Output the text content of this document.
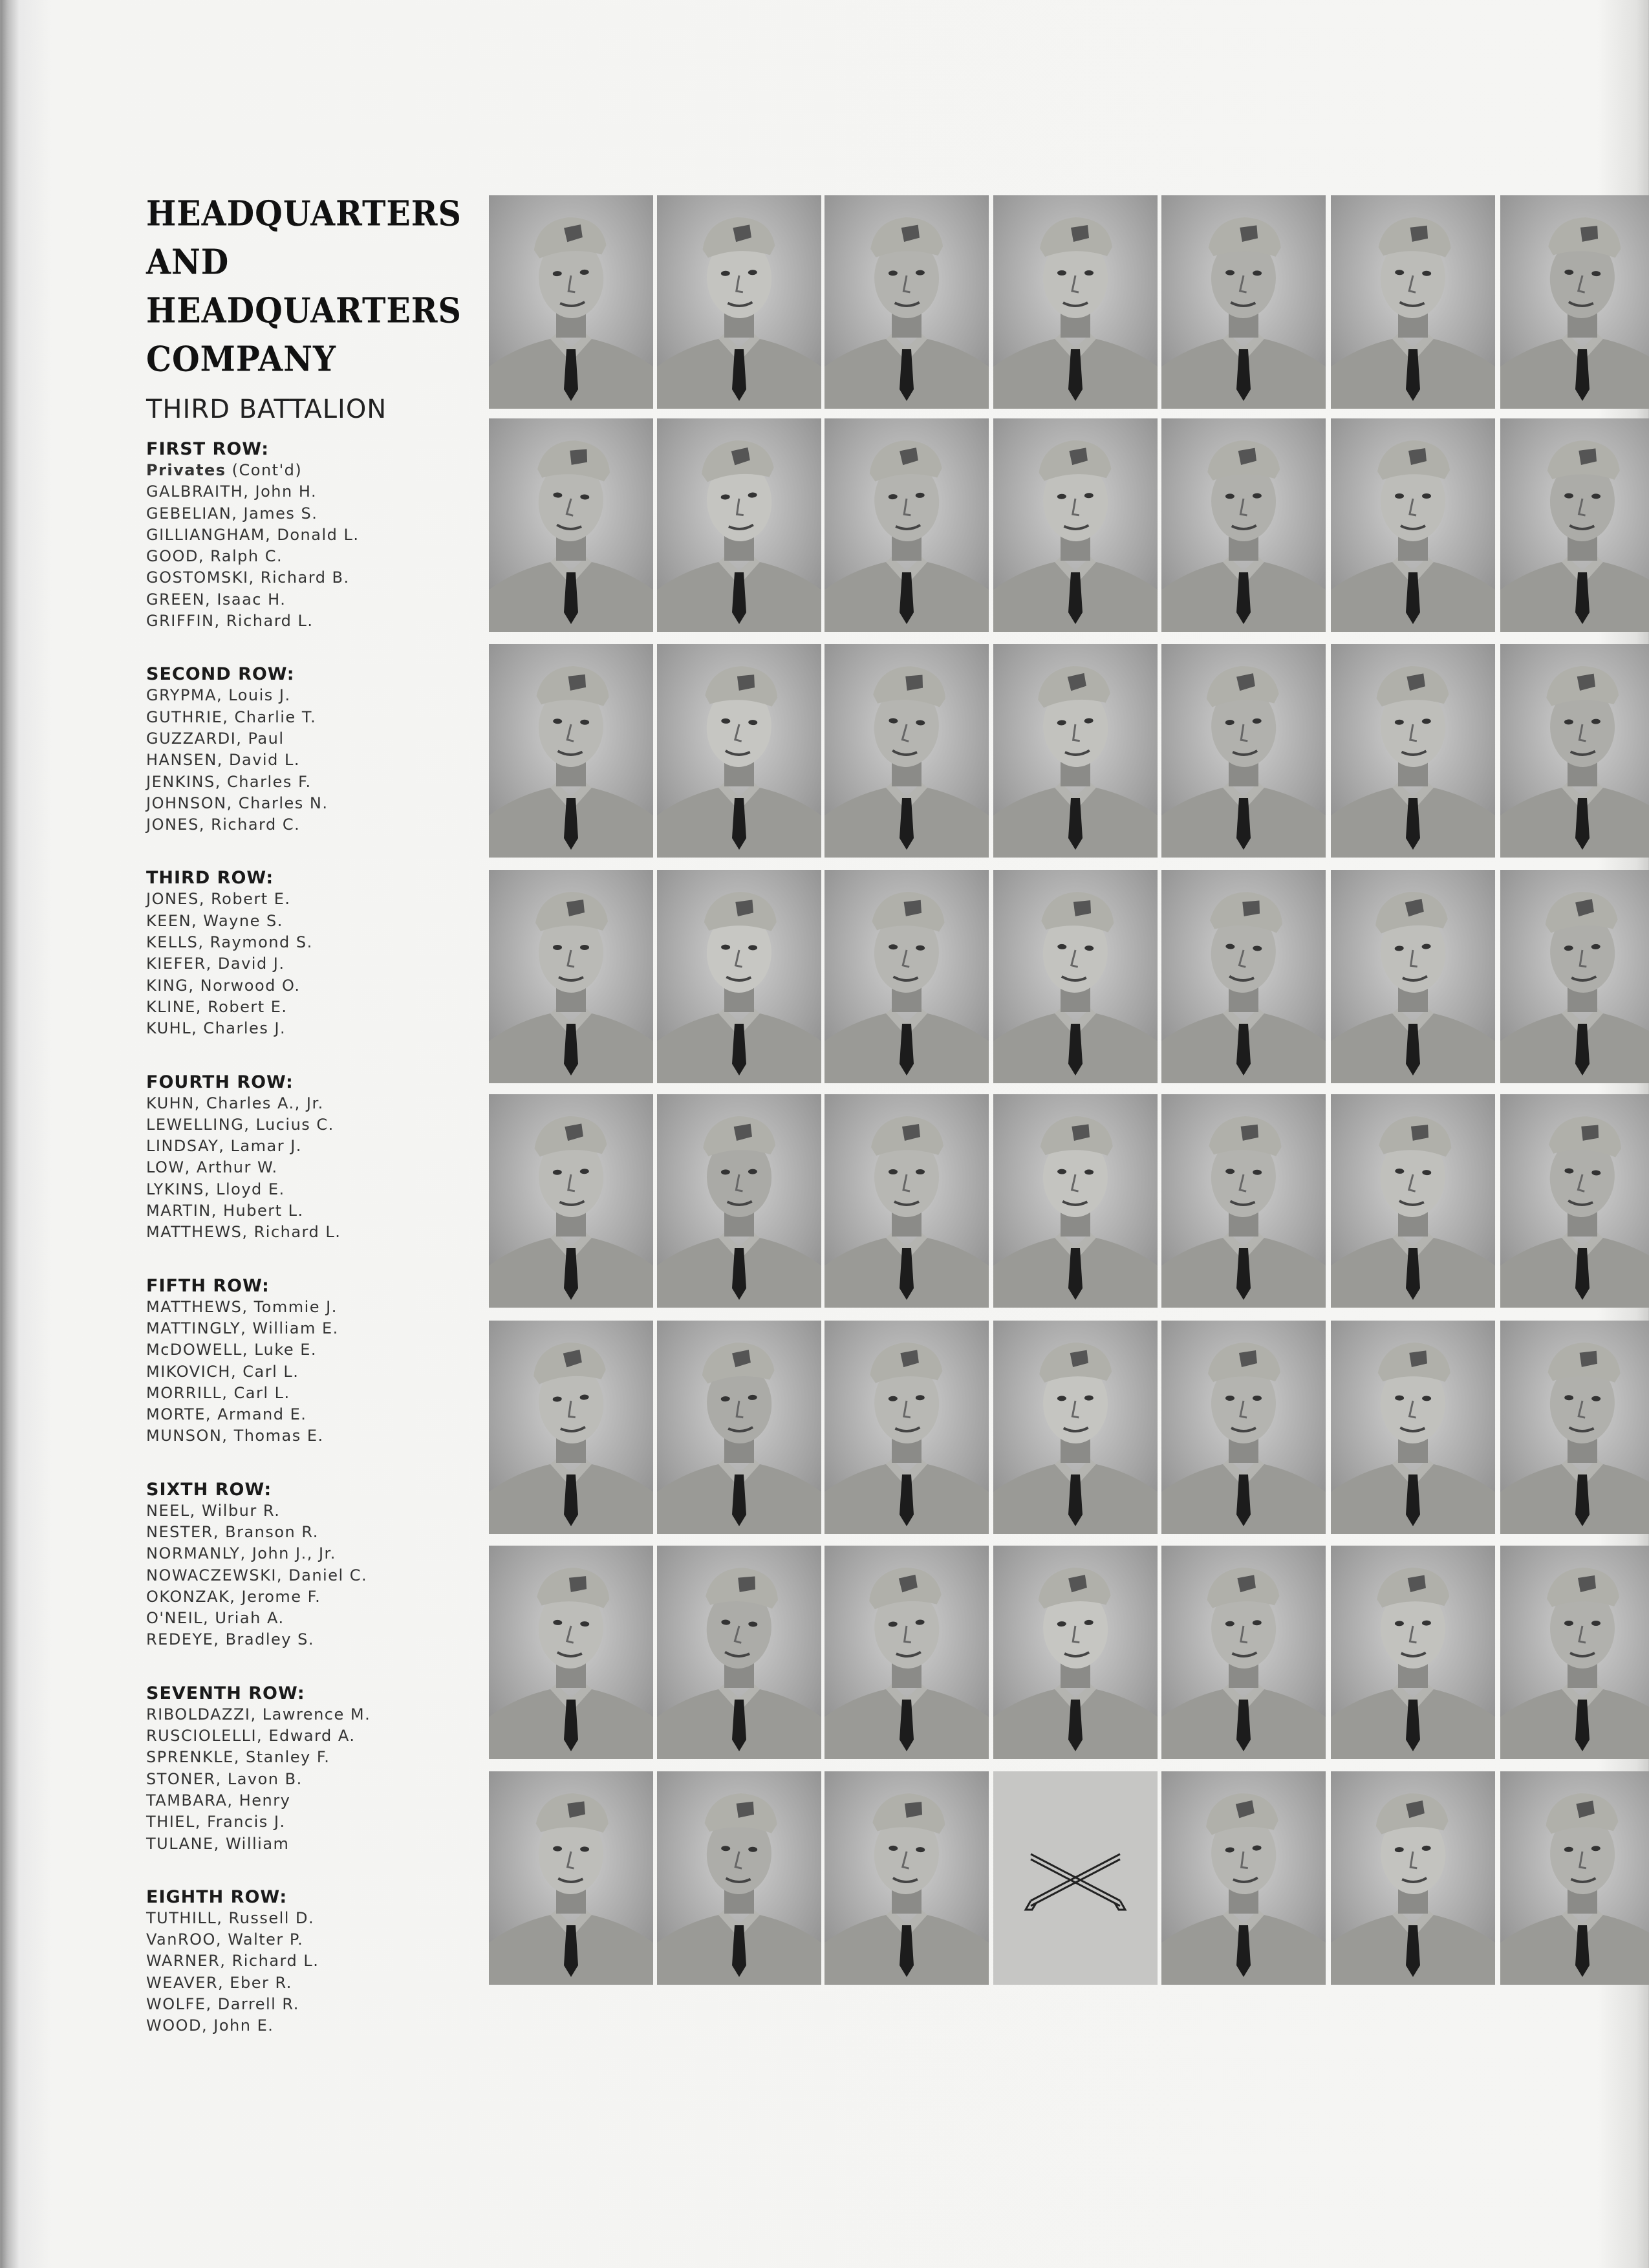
HEADQUARTERS
AND
HEADQUARTERS
COMPANY
THIRD BATTALION
FIRST ROW:
Privates (Cont'd)
GALBRAITH, John H.
GEBELIAN, James S.
GILLIANGHAM, Donald L.
GOOD, Ralph C.
GOSTOMSKI, Richard B.
GREEN, Isaac H.
GRIFFIN, Richard L.
SECOND ROW:
GRYPMA, Louis J.
GUTHRIE, Charlie T.
GUZZARDI, Paul
HANSEN, David L.
JENKINS, Charles F.
JOHNSON, Charles N.
JONES, Richard C.
THIRD ROW:
JONES, Robert E.
KEEN, Wayne S.
KELLS, Raymond S.
KIEFER, David J.
KING, Norwood O.
KLINE, Robert E.
KUHL, Charles J.
FOURTH ROW:
KUHN, Charles A., Jr.
LEWELLING, Lucius C.
LINDSAY, Lamar J.
LOW, Arthur W.
LYKINS, Lloyd E.
MARTIN, Hubert L.
MATTHEWS, Richard L.
FIFTH ROW:
MATTHEWS, Tommie J.
MATTINGLY, William E.
McDOWELL, Luke E.
MIKOVICH, Carl L.
MORRILL, Carl L.
MORTE, Armand E.
MUNSON, Thomas E.
SIXTH ROW:
NEEL, Wilbur R.
NESTER, Branson R.
NORMANLY, John J., Jr.
NOWACZEWSKI, Daniel C.
OKONZAK, Jerome F.
O'NEIL, Uriah A.
REDEYE, Bradley S.
SEVENTH ROW:
RIBOLDAZZI, Lawrence M.
RUSCIOLELLI, Edward A.
SPRENKLE, Stanley F.
STONER, Lavon B.
TAMBARA, Henry
THIEL, Francis J.
TULANE, William
EIGHTH ROW:
TUTHILL, Russell D.
VanROO, Walter P.
WARNER, Richard L.
WEAVER, Eber R.
WOLFE, Darrell R.
WOOD, John E.
